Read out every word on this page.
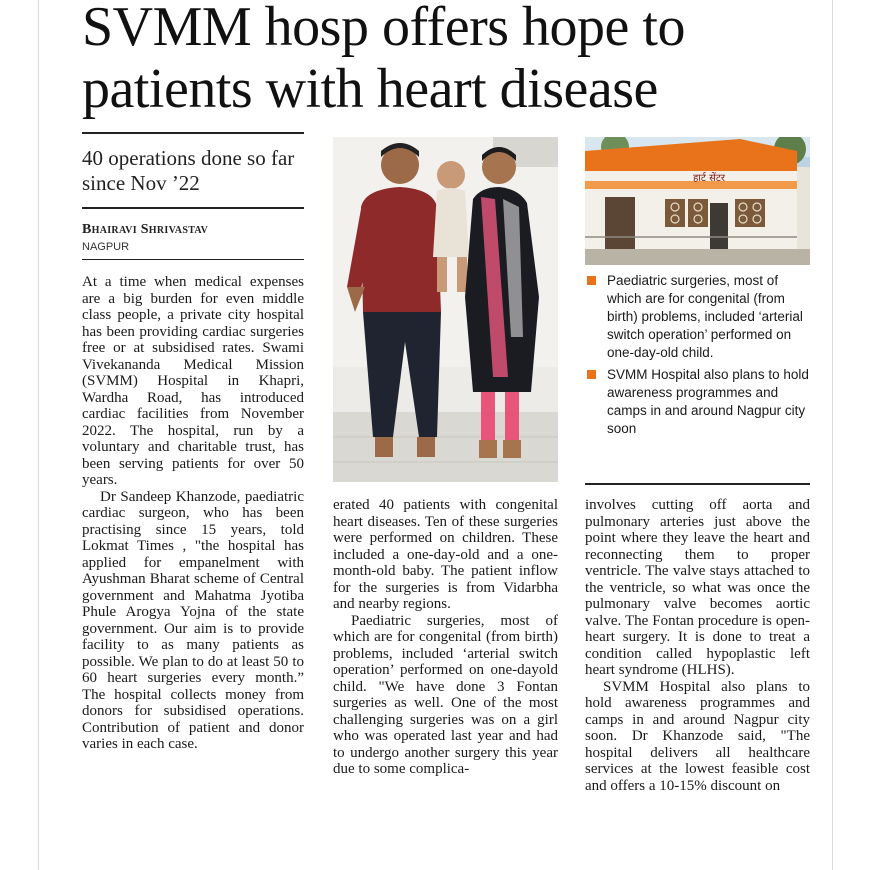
SVMM hosp offers hope to patients with heart disease
40 operations done so far since Nov ’22
Bhairavi Shrivastav
NAGPUR

At a time when medical expenses are a big burden for even middle class people, a private city hospital has been providing cardiac surgeries free or at subsidised rates. Swami Vivekananda Medical Mission (SVMM) Hospital in Khapri, Wardha Road, has introduced cardiac facilities from November 2022. The hospital, run by a voluntary and charitable trust, has been serving patients for over 50 years.

Dr Sandeep Khanzode, paediatric cardiac surgeon, who has been practising since 15 years, told Lokmat Times , "the hospital has applied for empanelment with Ayushman Bharat scheme of Central government and Mahatma Jyotiba Phule Arogya Yojna of the state government. Our aim is to provide facility to as many patients as possible. We plan to do at least 50 to 60 heart surgeries every month.” The hospital collects money from donors for subsidised operations. Contribution of patient and donor varies in each case.

हार्ट सेंटर
Paediatric surgeries, most of which are for congenital (from birth) problems, included ‘arterial switch operation’ performed on one-day-old child.
SVMM Hospital also plans to hold awareness programmes and camps in and around Nagpur city soon

erated 40 patients with congenital heart diseases. Ten of these surgeries were performed on children. These included a one-day-old and a one-month-old baby. The patient inflow for the surgeries is from Vidarbha and nearby regions.

Paediatric surgeries, most of which are for congenital (from birth) problems, included ‘arterial switch operation’ performed on one-dayold child. "We have done 3 Fontan surgeries as well. One of the most challenging surgeries was on a girl who was operated last year and had to undergo another surgery this year due to some complica-

involves cutting off aorta and pulmonary arteries just above the point where they leave the heart and reconnecting them to proper ventricle. The valve stays attached to the ventricle, so what was once the pulmonary valve becomes aortic valve. The Fontan procedure is open-heart surgery. It is done to treat a condition called hypoplastic left heart syndrome (HLHS).

SVMM Hospital also plans to hold awareness programmes and camps in and around Nagpur city soon. Dr Khanzode said, "The hospital delivers all healthcare services at the lowest feasible cost and offers a 10-15% discount on
